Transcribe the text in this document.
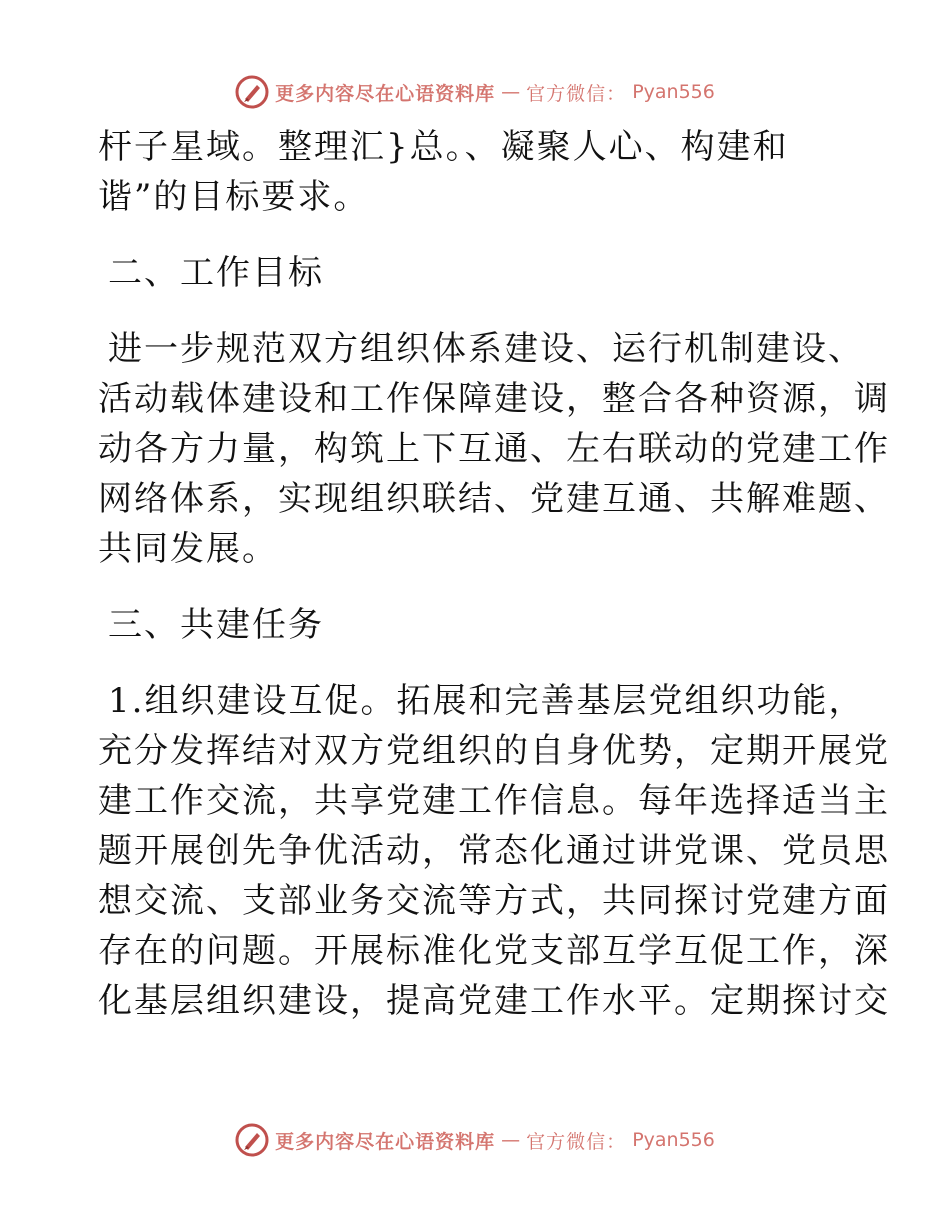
更多内容尽在心语资料库 — 官方微信： Pyan556
杆子星域。整理汇}总。、凝聚人心、构建和
谐”的目标要求。
二、工作目标
进一步规范双方组织体系建设、运行机制建设、
活动载体建设和工作保障建设，整合各种资源，调
动各方力量，构筑上下互通、左右联动的党建工作
网络体系，实现组织联结、党建互通、共解难题、
共同发展。
三、共建任务
1.组织建设互促。拓展和完善基层党组织功能，
充分发挥结对双方党组织的自身优势，定期开展党
建工作交流，共享党建工作信息。每年选择适当主
题开展创先争优活动，常态化通过讲党课、党员思
想交流、支部业务交流等方式，共同探讨党建方面
存在的问题。开展标准化党支部互学互促工作，深
化基层组织建设，提高党建工作水平。定期探讨交
更多内容尽在心语资料库 — 官方微信： Pyan556
